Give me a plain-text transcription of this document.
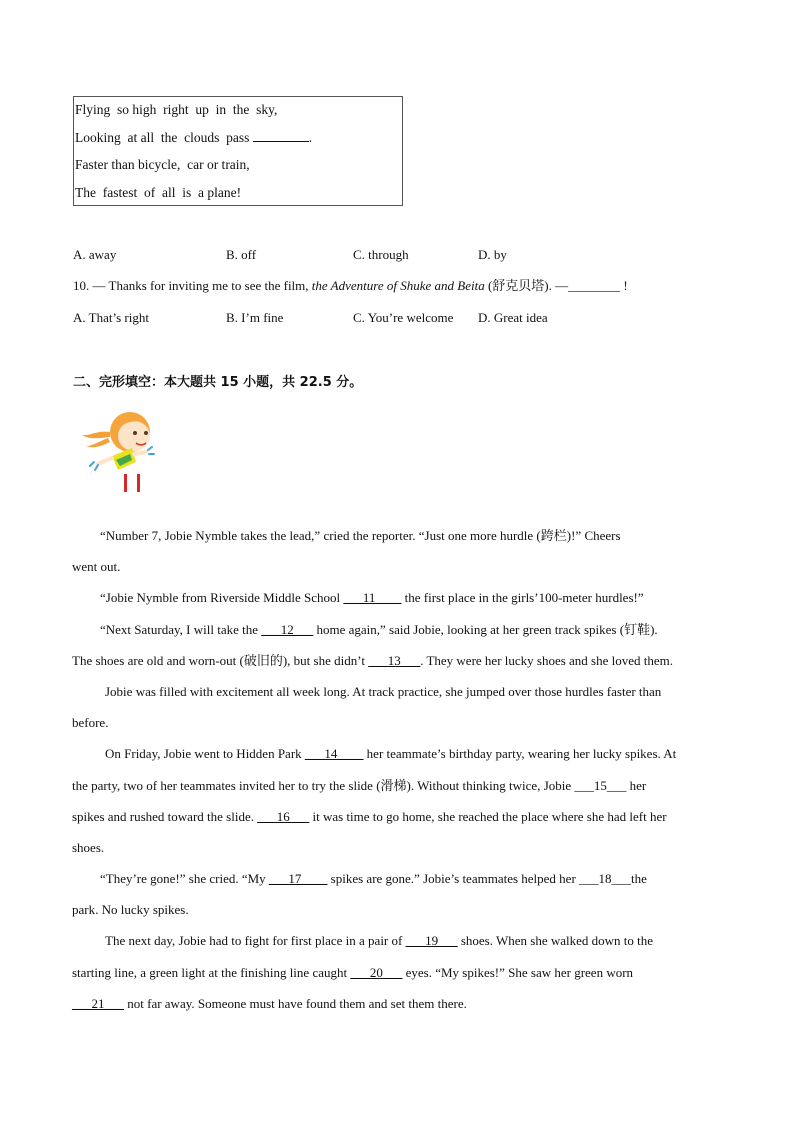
Flying  so high  right  up  in  the  sky,
Looking  at all  the  clouds  pass	.
Faster than bicycle,  car or train,
The  fastest  of  all  is  a plane!
A. away	B. off	C. through	D. by
10. — Thanks for inviting me to see the film, the Adventure of Shuke and Beita (舒克贝塔). —________ !
A. That’s right	B. I’m fine	C. You’re welcome D. Great idea
二、完形填空：本大题共 15 小题，共 22.5 分。
“Number 7, Jobie Nymble takes the lead,” cried the reporter. “Just one more hurdle (跨栏)!” Cheers
went out.
“Jobie Nymble from Riverside Middle School ___11____ the first place in the girls’100-meter hurdles!”
“Next Saturday, I will take the ___12___ home again,” said Jobie, looking at her green track spikes (钉鞋).
The shoes are old and worn-out (破旧的), but she didn’t ___13___. They were her lucky shoes and she loved them.
Jobie was filled with excitement all week long. At track practice, she jumped over those hurdles faster than
before.
On Friday, Jobie went to Hidden Park ___14____ her teammate’s birthday party, wearing her lucky spikes. At
the party, two of her teammates invited her to try the slide (滑梯). Without thinking twice, Jobie ___15___ her
spikes and rushed toward the slide. ___16___ it was time to go home, she reached the place where she had left her
shoes.
“They’re gone!” she cried. “My ___17____ spikes are gone.” Jobie’s teammates helped her ___18___the
park. No lucky spikes.
The next day, Jobie had to fight for first place in a pair of ___19___ shoes. When she walked down to the
starting line, a green light at the finishing line caught ___20___ eyes. “My spikes!” She saw her green worn
___21___ not far away. Someone must have found them and set them there.
